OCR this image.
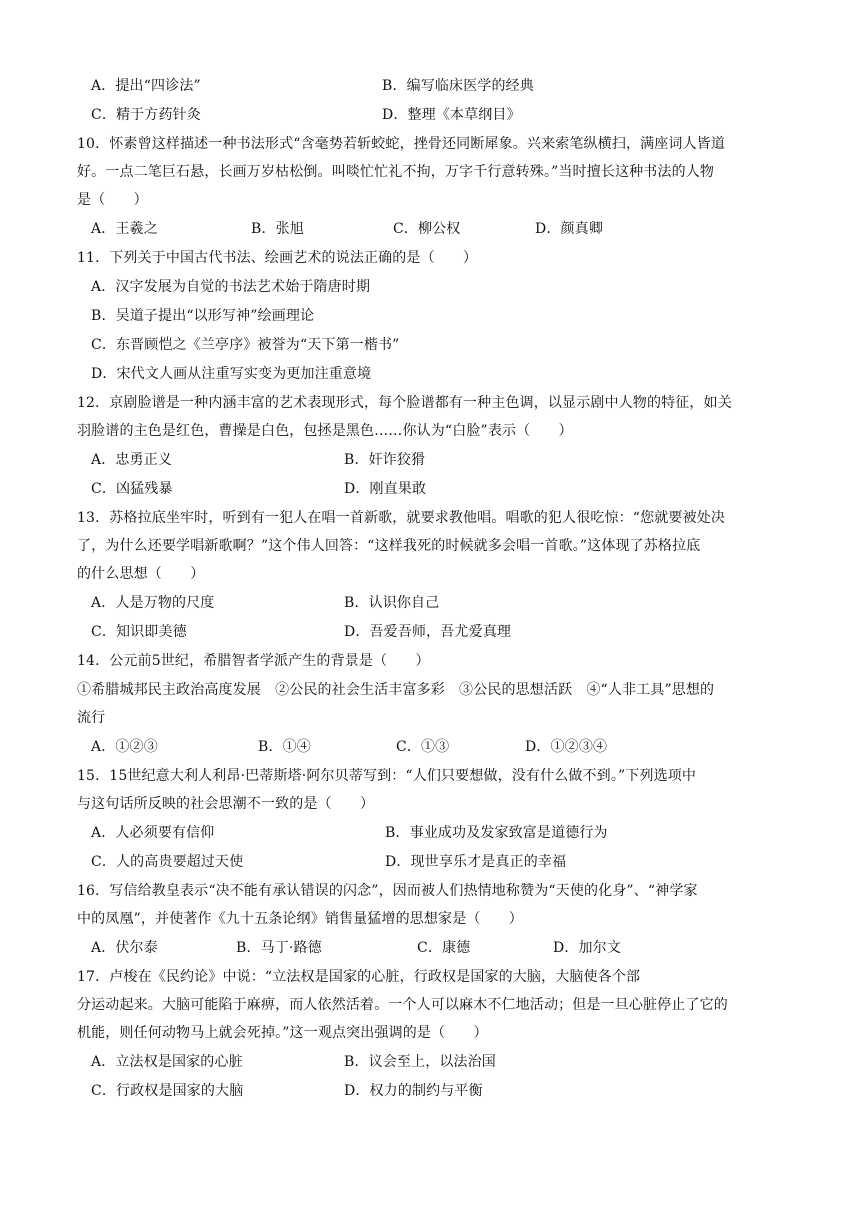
A．提出“四诊法”	B．编写临床医学的经典
C．精于方药针灸	D．整理《本草纲目》
10．怀素曾这样描述一种书法形式“含毫势若斩蛟蛇，挫骨还同断犀象。兴来索笔纵横扫，满座词人皆道
好。一点二笔巨石悬，长画万岁枯松倒。叫啖忙忙礼不拘，万字千行意转殊。”当时擅长这种书法的人物
是（　　）
A．王羲之	B．张旭	C．柳公权	D．颜真卿
11．下列关于中国古代书法、绘画艺术的说法正确的是（　　）
A．汉字发展为自觉的书法艺术始于隋唐时期
B．吴道子提出“以形写神”绘画理论
C．东晋顾恺之《兰亭序》被誉为“天下第一楷书”
D．宋代文人画从注重写实变为更加注重意境
12．京剧脸谱是一种内涵丰富的艺术表现形式，每个脸谱都有一种主色调，以显示剧中人物的特征，如关
羽脸谱的主色是红色，曹操是白色，包拯是黑色……你认为“白脸”表示（　　）
A．忠勇正义	B．奸诈狡猾
C．凶猛残暴	D．刚直果敢
13．苏格拉底坐牢时，听到有一犯人在唱一首新歌，就要求教他唱。唱歌的犯人很吃惊：“您就要被处决
了，为什么还要学唱新歌啊？”这个伟人回答：“这样我死的时候就多会唱一首歌。”这体现了苏格拉底
的什么思想（　　）
A．人是万物的尺度	B．认识你自己
C．知识即美德	D．吾爱吾师，吾尤爱真理
14．公元前5世纪，希腊智者学派产生的背景是（　　）
①希腊城邦民主政治高度发展　②公民的社会生活丰富多彩　③公民的思想活跃　④“人非工具”思想的
流行
A．①②③	B．①④	C．①③	D．①②③④
15．15世纪意大利人利昂·巴蒂斯塔·阿尔贝蒂写到：“人们只要想做，没有什么做不到。”下列选项中
与这句话所反映的社会思潮不一致的是（　　）
A．人必须要有信仰	B．事业成功及发家致富是道德行为
C．人的高贵要超过天使	D．现世享乐才是真正的幸福
16．写信给教皇表示“决不能有承认错误的闪念”，因而被人们热情地称赞为“天使的化身”、“神学家
中的凤凰”，并使著作《九十五条论纲》销售量猛增的思想家是（　　）
A．伏尔泰	B．马丁·路德	C．康德	D．加尔文
17．卢梭在《民约论》中说：“立法权是国家的心脏，行政权是国家的大脑，大脑使各个部
分运动起来。大脑可能陷于麻痹，而人依然活着。一个人可以麻木不仁地活动；但是一旦心脏停止了它的
机能，则任何动物马上就会死掉。”这一观点突出强调的是（　　）
A．立法权是国家的心脏	B．议会至上，以法治国
C．行政权是国家的大脑	D．权力的制约与平衡
